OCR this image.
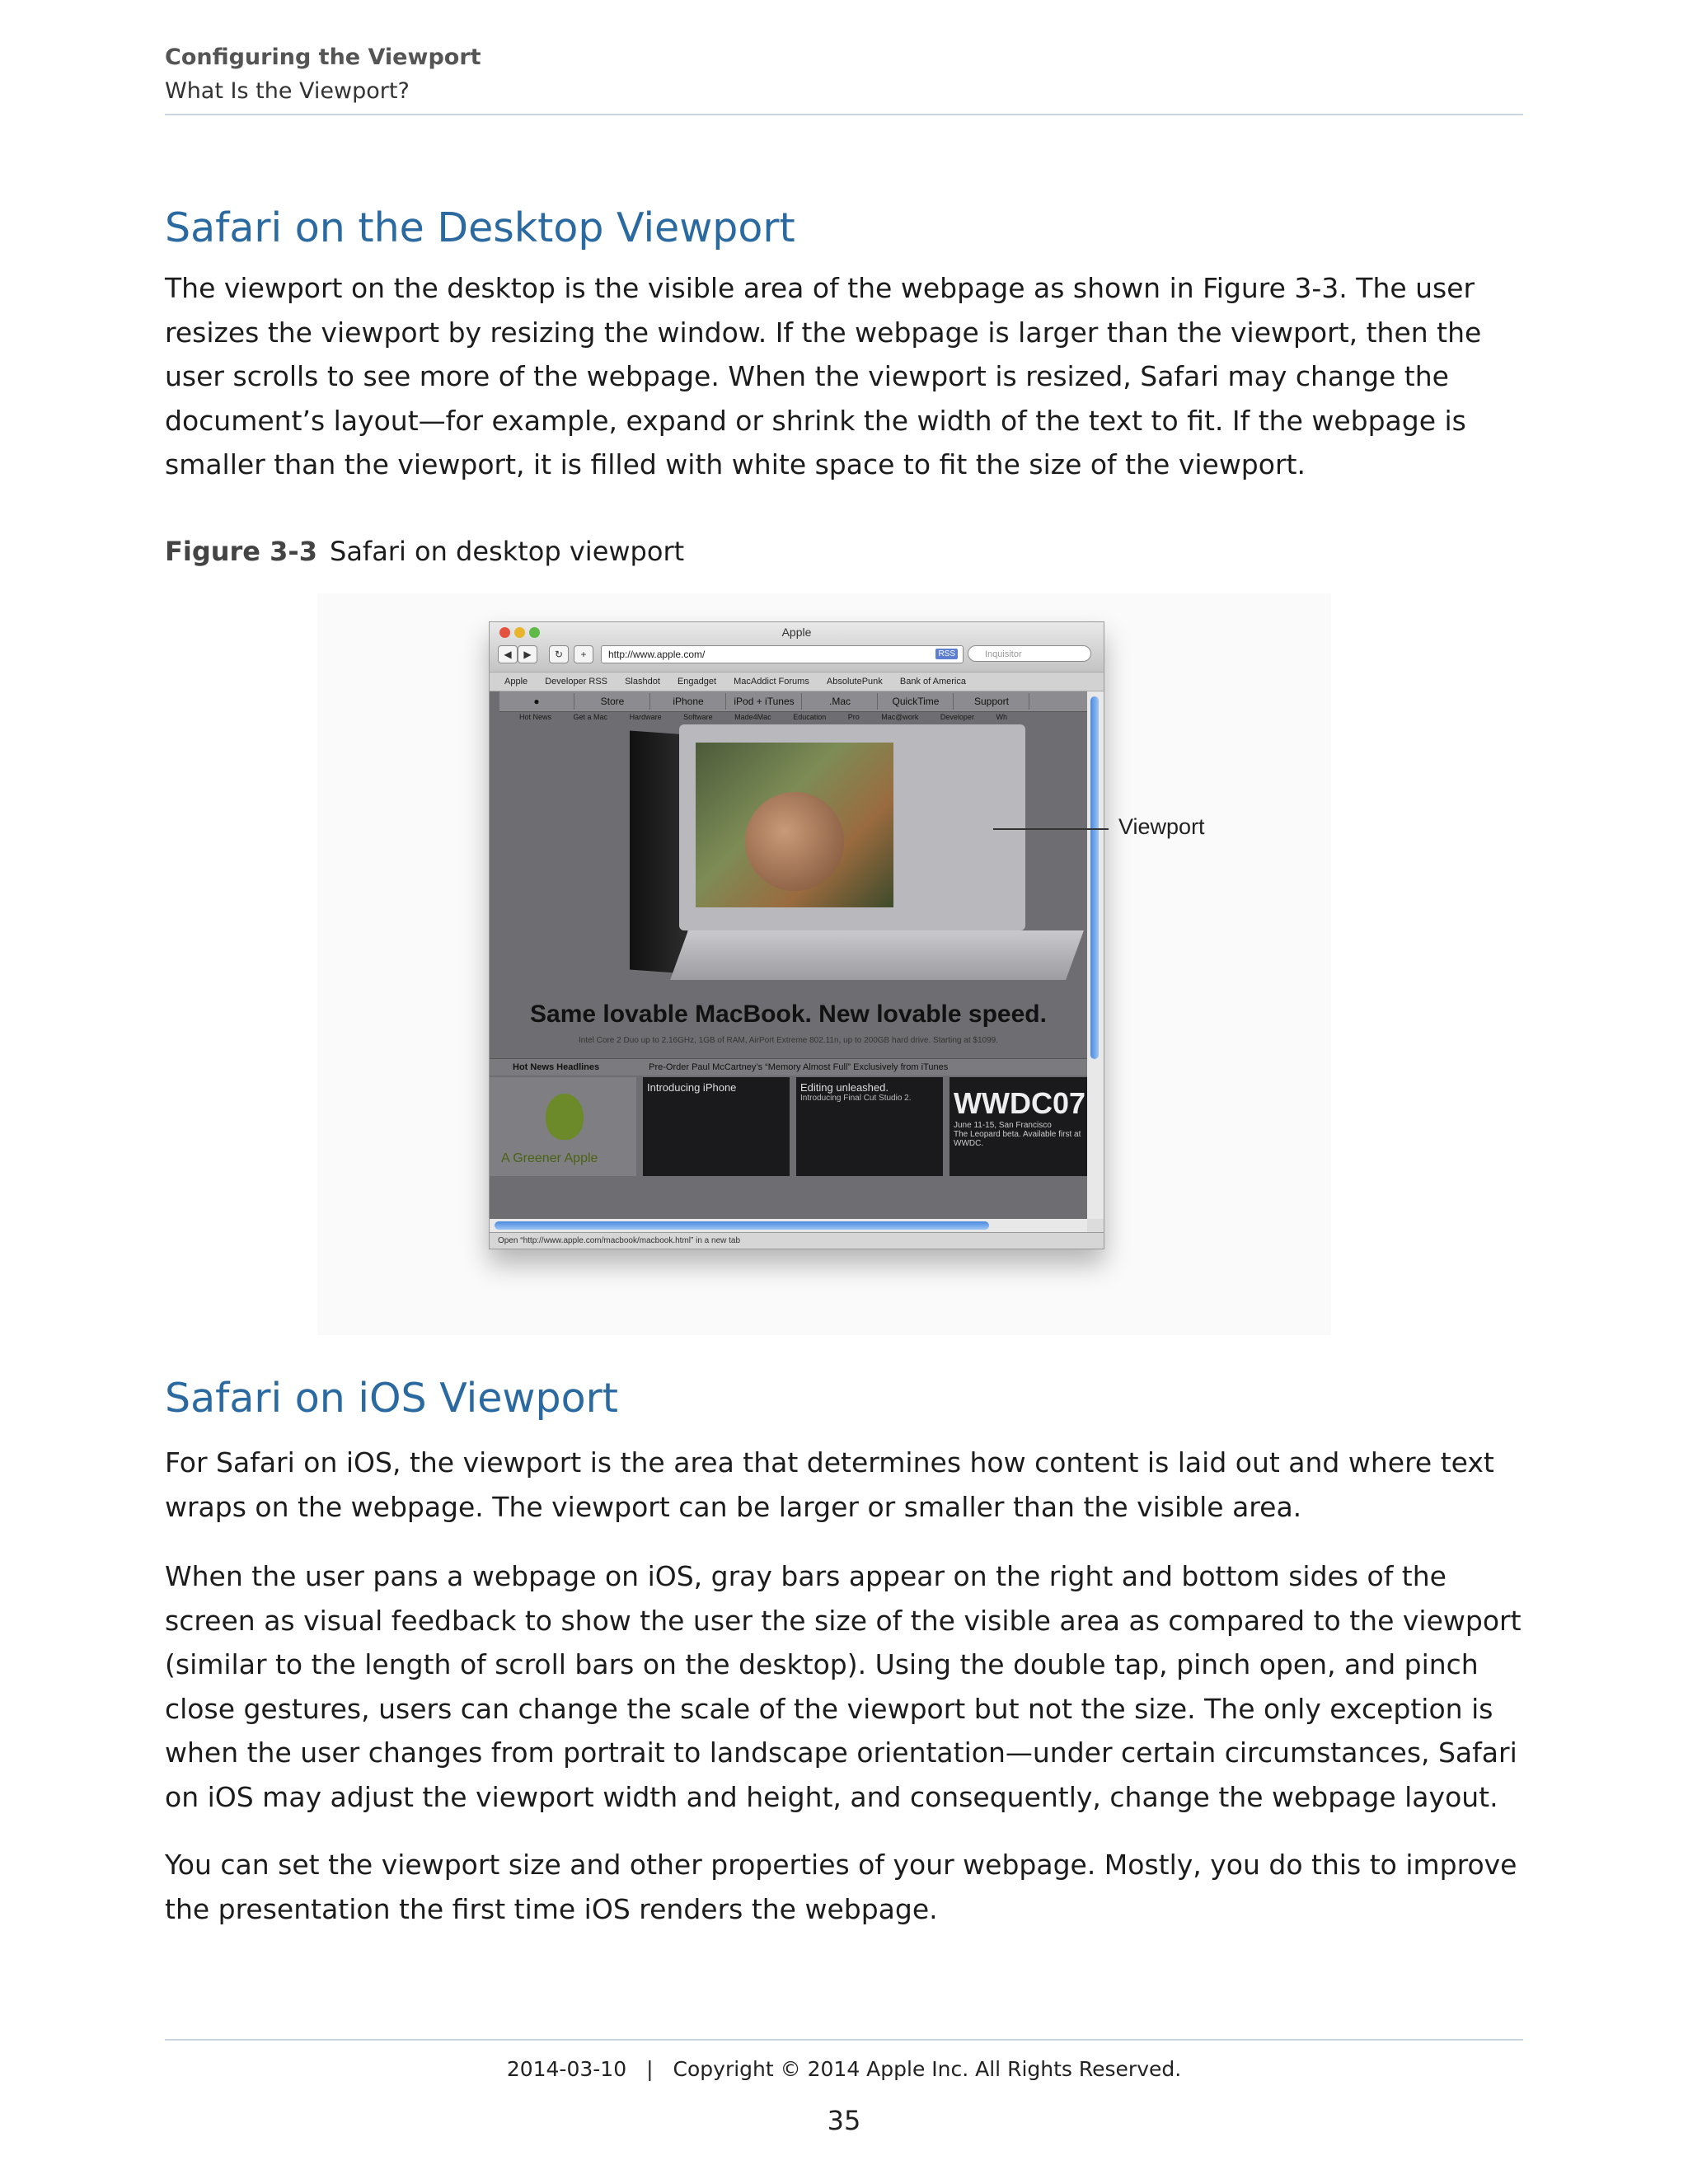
Configuring the Viewport
What Is the Viewport?
Safari on the Desktop Viewport

The viewport on the desktop is the visible area of the webpage as shown in Figure 3-3. The user resizes the viewport by resizing the window. If the webpage is larger than the viewport, then the user scrolls to see more of the webpage. When the viewport is resized, Safari may change the document’s layout—for example, expand or shrink the width of the text to fit. If the webpage is smaller than the viewport, it is filled with white space to fit the size of the viewport.

Figure 3-3 Safari on desktop viewport
Apple
◀	▶	↻	+	http://www.apple.com/	RSS	Inquisitor
Apple Developer RSS Slashdot Engadget MacAddict Forums AbsolutePunk Bank of America
●	Store	iPhone	iPod + iTunes	.Mac	QuickTime	Support
Hot News	Get a Mac	Hardware	Software	Made4Mac	Education	Pro	Mac@work	Developer	Wh
Same lovable MacBook. New lovable speed.
Intel Core 2 Duo up to 2.16GHz, 1GB of RAM, AirPort Extreme 802.11n, up to 200GB hard drive. Starting at $1099.
Hot News Headlines	Pre-Order Paul McCartney’s “Memory Almost Full” Exclusively from iTunes
A Greener Apple
Introducing iPhone	Editing unleashed.
Introducing Final Cut Studio 2.	WWDC07
June 11-15, San Francisco
The Leopard beta. Available first at WWDC.
Open “http://www.apple.com/macbook/macbook.html” in a new tab
Viewport
Safari on iOS Viewport

For Safari on iOS, the viewport is the area that determines how content is laid out and where text wraps on the webpage. The viewport can be larger or smaller than the visible area.

When the user pans a webpage on iOS, gray bars appear on the right and bottom sides of the screen as visual feedback to show the user the size of the visible area as compared to the viewport (similar to the length of scroll bars on the desktop). Using the double tap, pinch open, and pinch close gestures, users can change the scale of the viewport but not the size. The only exception is when the user changes from portrait to landscape orientation—under certain circumstances, Safari on iOS may adjust the viewport width and height, and consequently, change the webpage layout.

You can set the viewport size and other properties of your webpage. Mostly, you do this to improve the presentation the first time iOS renders the webpage.

2014-03-10 | Copyright © 2014 Apple Inc. All Rights Reserved.
35
